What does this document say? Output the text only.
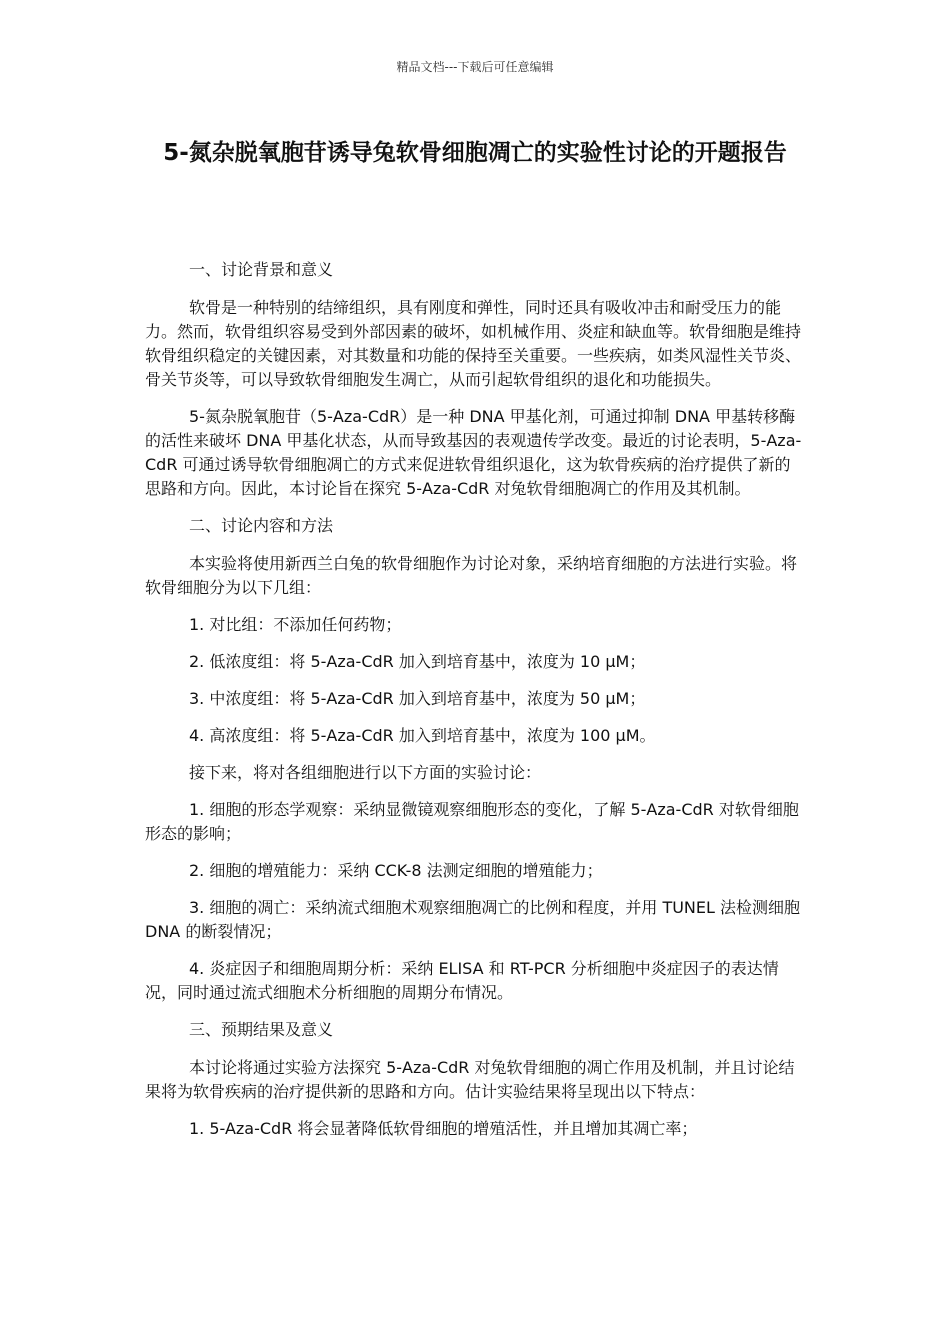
精品文档---下载后可任意编辑
5-氮杂脱氧胞苷诱导兔软骨细胞凋亡的实验性讨论的开题报告

一、讨论背景和意义

软骨是一种特别的结缔组织，具有刚度和弹性，同时还具有吸收冲击和耐受压力的能力。然而，软骨组织容易受到外部因素的破坏，如机械作用、炎症和缺血等。软骨细胞是维持软骨组织稳定的关键因素，对其数量和功能的保持至关重要。一些疾病，如类风湿性关节炎、骨关节炎等，可以导致软骨细胞发生凋亡，从而引起软骨组织的退化和功能损失。

5-氮杂脱氧胞苷（5-Aza-CdR）是一种 DNA 甲基化剂，可通过抑制 DNA 甲基转移酶的活性来破坏 DNA 甲基化状态，从而导致基因的表观遗传学改变。最近的讨论表明，5-Aza-CdR 可通过诱导软骨细胞凋亡的方式来促进软骨组织退化，这为软骨疾病的治疗提供了新的思路和方向。因此，本讨论旨在探究 5-Aza-CdR 对兔软骨细胞凋亡的作用及其机制。

二、讨论内容和方法

本实验将使用新西兰白兔的软骨细胞作为讨论对象，采纳培育细胞的方法进行实验。将软骨细胞分为以下几组：

1. 对比组：不添加任何药物；

2. 低浓度组：将 5-Aza-CdR 加入到培育基中，浓度为 10 μM；

3. 中浓度组：将 5-Aza-CdR 加入到培育基中，浓度为 50 μM；

4. 高浓度组：将 5-Aza-CdR 加入到培育基中，浓度为 100 μM。

接下来，将对各组细胞进行以下方面的实验讨论：

1. 细胞的形态学观察：采纳显微镜观察细胞形态的变化，了解 5-Aza-CdR 对软骨细胞形态的影响；

2. 细胞的增殖能力：采纳 CCK-8 法测定细胞的增殖能力；

3. 细胞的凋亡：采纳流式细胞术观察细胞凋亡的比例和程度，并用 TUNEL 法检测细胞 DNA 的断裂情况；

4. 炎症因子和细胞周期分析：采纳 ELISA 和 RT-PCR 分析细胞中炎症因子的表达情况，同时通过流式细胞术分析细胞的周期分布情况。

三、预期结果及意义

本讨论将通过实验方法探究 5-Aza-CdR 对兔软骨细胞的凋亡作用及机制，并且讨论结果将为软骨疾病的治疗提供新的思路和方向。估计实验结果将呈现出以下特点：

1. 5-Aza-CdR 将会显著降低软骨细胞的增殖活性，并且增加其凋亡率；
